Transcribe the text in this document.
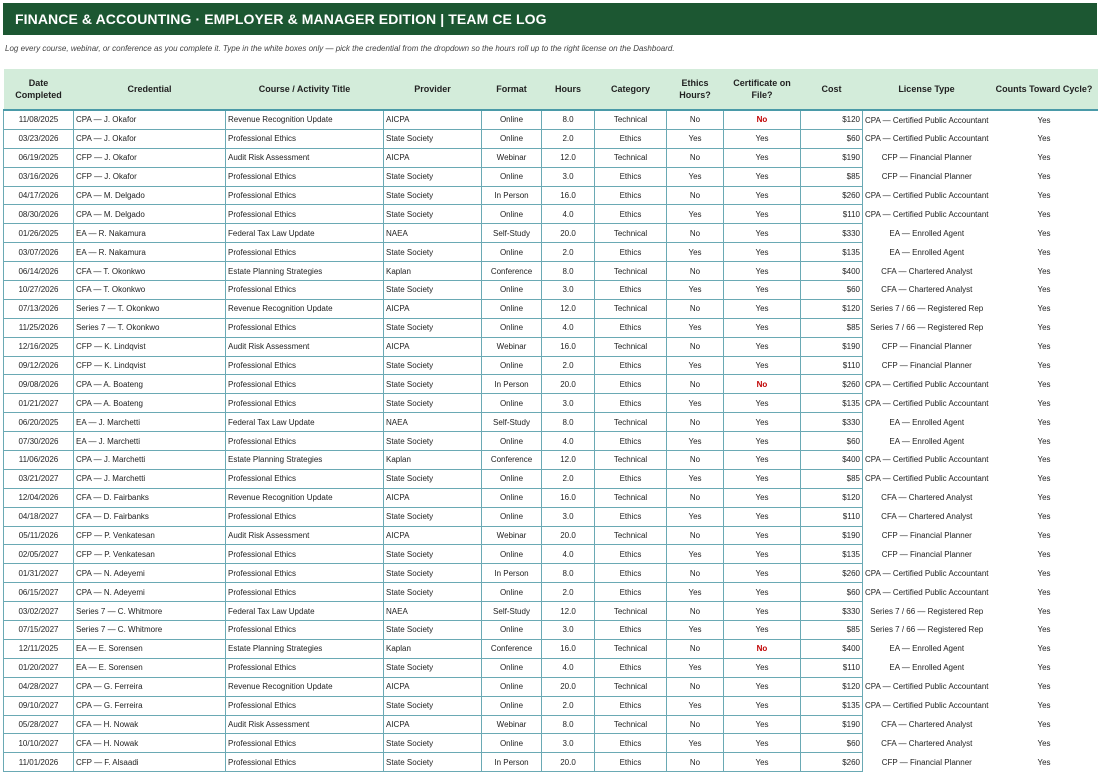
FINANCE & ACCOUNTING · EMPLOYER & MANAGER EDITION | TEAM CE LOG
Log every course, webinar, or conference as you complete it. Type in the white boxes only — pick the credential from the dropdown so the hours roll up to the right license on the Dashboard.
Date Completed	Credential	Course / Activity Title	Provider	Format	Hours	Category	Ethics Hours?	Certificate on File?	Cost	License Type	Counts Toward Cycle?
11/08/2025	CPA — J. Okafor	Revenue Recognition Update	AICPA	Online	8.0	Technical	No	No	$120	CPA — Certified Public Accountant	Yes
03/23/2026	CPA — J. Okafor	Professional Ethics	State Society	Online	2.0	Ethics	Yes	Yes	$60	CPA — Certified Public Accountant	Yes
06/19/2025	CFP — J. Okafor	Audit Risk Assessment	AICPA	Webinar	12.0	Technical	No	Yes	$190	CFP — Financial Planner	Yes
03/16/2026	CFP — J. Okafor	Professional Ethics	State Society	Online	3.0	Ethics	Yes	Yes	$85	CFP — Financial Planner	Yes
04/17/2026	CPA — M. Delgado	Professional Ethics	State Society	In Person	16.0	Ethics	No	Yes	$260	CPA — Certified Public Accountant	Yes
08/30/2026	CPA — M. Delgado	Professional Ethics	State Society	Online	4.0	Ethics	Yes	Yes	$110	CPA — Certified Public Accountant	Yes
01/26/2025	EA — R. Nakamura	Federal Tax Law Update	NAEA	Self-Study	20.0	Technical	No	Yes	$330	EA — Enrolled Agent	Yes
03/07/2026	EA — R. Nakamura	Professional Ethics	State Society	Online	2.0	Ethics	Yes	Yes	$135	EA — Enrolled Agent	Yes
06/14/2026	CFA — T. Okonkwo	Estate Planning Strategies	Kaplan	Conference	8.0	Technical	No	Yes	$400	CFA — Chartered Analyst	Yes
10/27/2026	CFA — T. Okonkwo	Professional Ethics	State Society	Online	3.0	Ethics	Yes	Yes	$60	CFA — Chartered Analyst	Yes
07/13/2026	Series 7 — T. Okonkwo	Revenue Recognition Update	AICPA	Online	12.0	Technical	No	Yes	$120	Series 7 / 66 — Registered Rep	Yes
11/25/2026	Series 7 — T. Okonkwo	Professional Ethics	State Society	Online	4.0	Ethics	Yes	Yes	$85	Series 7 / 66 — Registered Rep	Yes
12/16/2025	CFP — K. Lindqvist	Audit Risk Assessment	AICPA	Webinar	16.0	Technical	No	Yes	$190	CFP — Financial Planner	Yes
09/12/2026	CFP — K. Lindqvist	Professional Ethics	State Society	Online	2.0	Ethics	Yes	Yes	$110	CFP — Financial Planner	Yes
09/08/2026	CPA — A. Boateng	Professional Ethics	State Society	In Person	20.0	Ethics	No	No	$260	CPA — Certified Public Accountant	Yes
01/21/2027	CPA — A. Boateng	Professional Ethics	State Society	Online	3.0	Ethics	Yes	Yes	$135	CPA — Certified Public Accountant	Yes
06/20/2025	EA — J. Marchetti	Federal Tax Law Update	NAEA	Self-Study	8.0	Technical	No	Yes	$330	EA — Enrolled Agent	Yes
07/30/2026	EA — J. Marchetti	Professional Ethics	State Society	Online	4.0	Ethics	Yes	Yes	$60	EA — Enrolled Agent	Yes
11/06/2026	CPA — J. Marchetti	Estate Planning Strategies	Kaplan	Conference	12.0	Technical	No	Yes	$400	CPA — Certified Public Accountant	Yes
03/21/2027	CPA — J. Marchetti	Professional Ethics	State Society	Online	2.0	Ethics	Yes	Yes	$85	CPA — Certified Public Accountant	Yes
12/04/2026	CFA — D. Fairbanks	Revenue Recognition Update	AICPA	Online	16.0	Technical	No	Yes	$120	CFA — Chartered Analyst	Yes
04/18/2027	CFA — D. Fairbanks	Professional Ethics	State Society	Online	3.0	Ethics	Yes	Yes	$110	CFA — Chartered Analyst	Yes
05/11/2026	CFP — P. Venkatesan	Audit Risk Assessment	AICPA	Webinar	20.0	Technical	No	Yes	$190	CFP — Financial Planner	Yes
02/05/2027	CFP — P. Venkatesan	Professional Ethics	State Society	Online	4.0	Ethics	Yes	Yes	$135	CFP — Financial Planner	Yes
01/31/2027	CPA — N. Adeyemi	Professional Ethics	State Society	In Person	8.0	Ethics	No	Yes	$260	CPA — Certified Public Accountant	Yes
06/15/2027	CPA — N. Adeyemi	Professional Ethics	State Society	Online	2.0	Ethics	Yes	Yes	$60	CPA — Certified Public Accountant	Yes
03/02/2027	Series 7 — C. Whitmore	Federal Tax Law Update	NAEA	Self-Study	12.0	Technical	No	Yes	$330	Series 7 / 66 — Registered Rep	Yes
07/15/2027	Series 7 — C. Whitmore	Professional Ethics	State Society	Online	3.0	Ethics	Yes	Yes	$85	Series 7 / 66 — Registered Rep	Yes
12/11/2025	EA — E. Sorensen	Estate Planning Strategies	Kaplan	Conference	16.0	Technical	No	No	$400	EA — Enrolled Agent	Yes
01/20/2027	EA — E. Sorensen	Professional Ethics	State Society	Online	4.0	Ethics	Yes	Yes	$110	EA — Enrolled Agent	Yes
04/28/2027	CPA — G. Ferreira	Revenue Recognition Update	AICPA	Online	20.0	Technical	No	Yes	$120	CPA — Certified Public Accountant	Yes
09/10/2027	CPA — G. Ferreira	Professional Ethics	State Society	Online	2.0	Ethics	Yes	Yes	$135	CPA — Certified Public Accountant	Yes
05/28/2027	CFA — H. Nowak	Audit Risk Assessment	AICPA	Webinar	8.0	Technical	No	Yes	$190	CFA — Chartered Analyst	Yes
10/10/2027	CFA — H. Nowak	Professional Ethics	State Society	Online	3.0	Ethics	Yes	Yes	$60	CFA — Chartered Analyst	Yes
11/01/2026	CFP — F. Alsaadi	Professional Ethics	State Society	In Person	20.0	Ethics	No	Yes	$260	CFP — Financial Planner	Yes
